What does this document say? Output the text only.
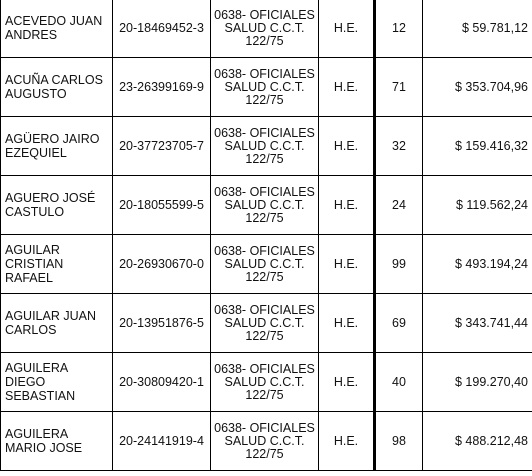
ACEVEDO JUAN ANDRES	20-18469452-3	0638- OFICIALES SALUD C.C.T. 122/75	H.E.	12	$ 59.781,12
ACUÑA CARLOS AUGUSTO	23-26399169-9	0638- OFICIALES SALUD C.C.T. 122/75	H.E.	71	$ 353.704,96
AGÜERO JAIRO EZEQUIEL	20-37723705-7	0638- OFICIALES SALUD C.C.T. 122/75	H.E.	32	$ 159.416,32
AGUERO JOSÉ CASTULO	20-18055599-5	0638- OFICIALES SALUD C.C.T. 122/75	H.E.	24	$ 119.562,24
AGUILAR CRISTIAN RAFAEL	20-26930670-0	0638- OFICIALES SALUD C.C.T. 122/75	H.E.	99	$ 493.194,24
AGUILAR JUAN CARLOS	20-13951876-5	0638- OFICIALES SALUD C.C.T. 122/75	H.E.	69	$ 343.741,44
AGUILERA DIEGO SEBASTIAN	20-30809420-1	0638- OFICIALES SALUD C.C.T. 122/75	H.E.	40	$ 199.270,40
AGUILERA MARIO JOSE	20-24141919-4	0638- OFICIALES SALUD C.C.T. 122/75	H.E.	98	$ 488.212,48
